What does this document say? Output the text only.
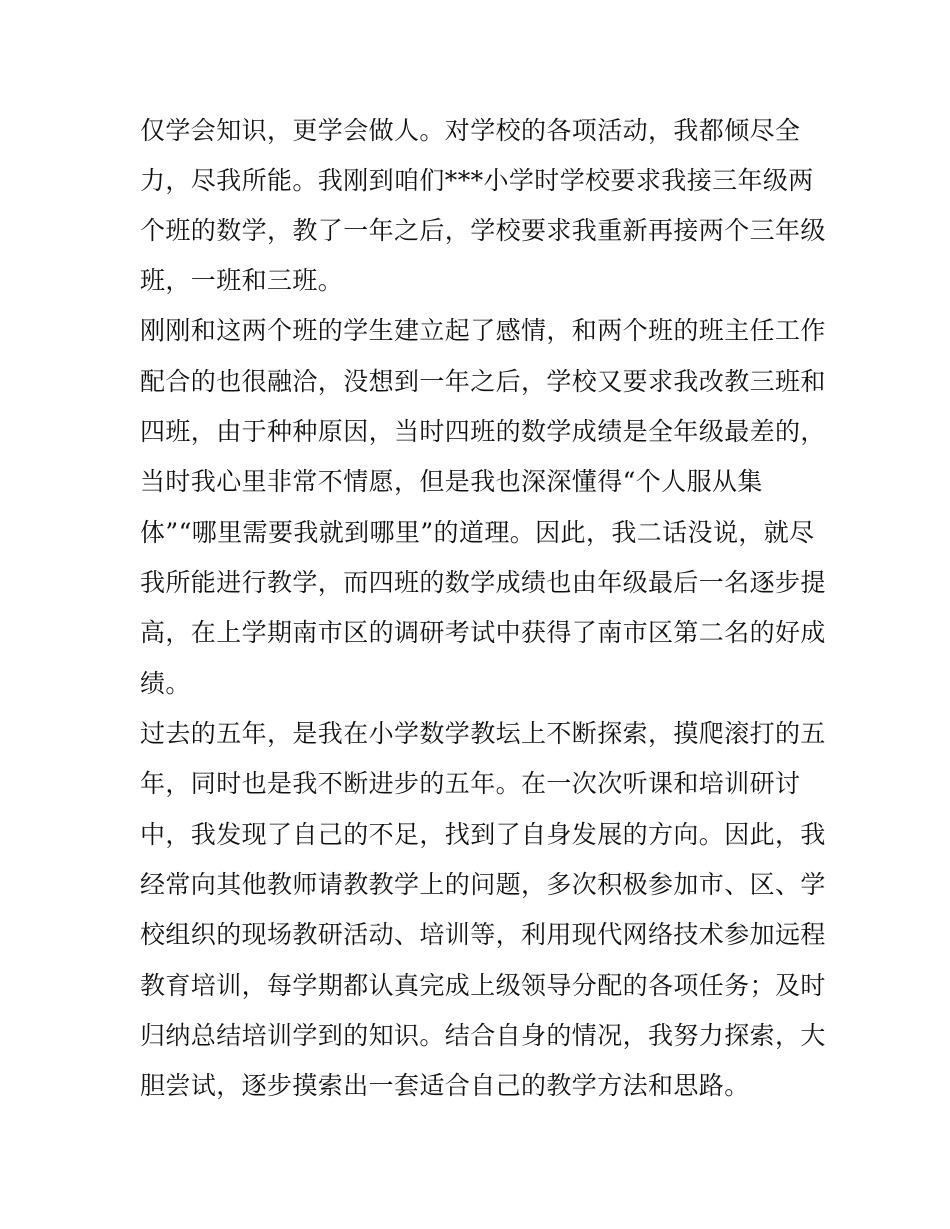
仅学会知识，更学会做人。对学校的各项活动，我都倾尽全
力，尽我所能。我刚到咱们***小学时学校要求我接三年级两
个班的数学，教了一年之后，学校要求我重新再接两个三年级
班，一班和三班。
刚刚和这两个班的学生建立起了感情，和两个班的班主任工作
配合的也很融洽，没想到一年之后，学校又要求我改教三班和
四班，由于种种原因，当时四班的数学成绩是全年级最差的，
当时我心里非常不情愿，但是我也深深懂得“个人服从集
体”“哪里需要我就到哪里”的道理。因此，我二话没说，就尽
我所能进行教学，而四班的数学成绩也由年级最后一名逐步提
高，在上学期南市区的调研考试中获得了南市区第二名的好成
绩。
过去的五年，是我在小学数学教坛上不断探索，摸爬滚打的五
年，同时也是我不断进步的五年。在一次次听课和培训研讨
中，我发现了自己的不足，找到了自身发展的方向。因此，我
经常向其他教师请教教学上的问题，多次积极参加市、区、学
校组织的现场教研活动、培训等，利用现代网络技术参加远程
教育培训，每学期都认真完成上级领导分配的各项任务；及时
归纳总结培训学到的知识。结合自身的情况，我努力探索，大
胆尝试，逐步摸索出一套适合自己的教学方法和思路。
